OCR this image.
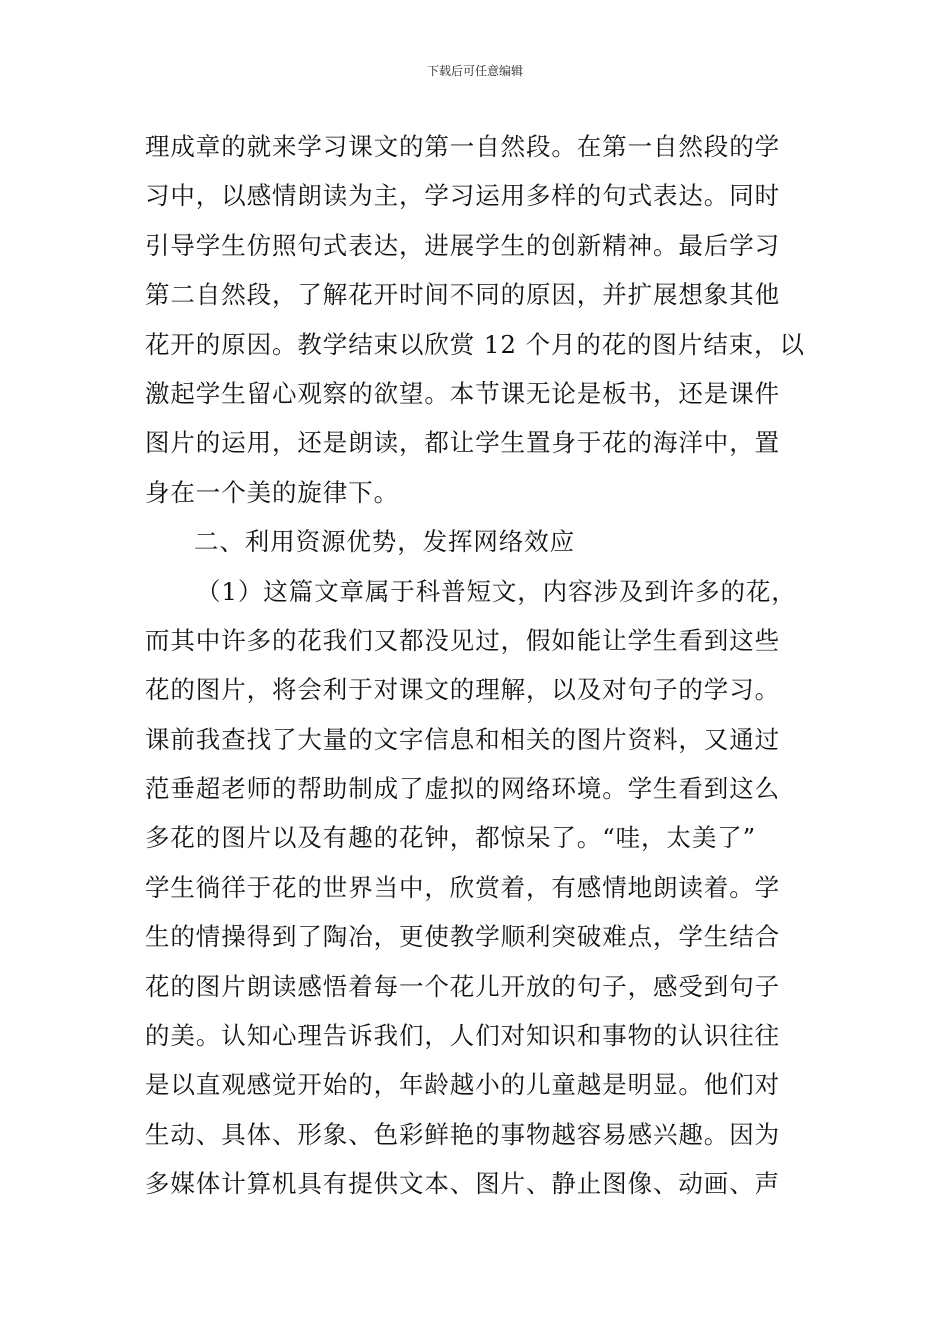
下载后可任意编辑
理成章的就来学习课文的第一自然段。在第一自然段的学
习中，以感情朗读为主，学习运用多样的句式表达。同时
引导学生仿照句式表达，进展学生的创新精神。最后学习
第二自然段，了解花开时间不同的原因，并扩展想象其他
花开的原因。教学结束以欣赏 12 个月的花的图片结束，以
激起学生留心观察的欲望。本节课无论是板书，还是课件
图片的运用，还是朗读，都让学生置身于花的海洋中，置
身在一个美的旋律下。
二、利用资源优势，发挥网络效应
（1）这篇文章属于科普短文，内容涉及到许多的花，
而其中许多的花我们又都没见过，假如能让学生看到这些
花的图片，将会利于对课文的理解，以及对句子的学习。
课前我查找了大量的文字信息和相关的图片资料，又通过
范垂超老师的帮助制成了虚拟的网络环境。学生看到这么
多花的图片以及有趣的花钟，都惊呆了。“哇，太美了”
学生徜徉于花的世界当中，欣赏着，有感情地朗读着。学
生的情操得到了陶冶，更使教学顺利突破难点，学生结合
花的图片朗读感悟着每一个花儿开放的句子，感受到句子
的美。认知心理告诉我们，人们对知识和事物的认识往往
是以直观感觉开始的，年龄越小的儿童越是明显。他们对
生动、具体、形象、色彩鲜艳的事物越容易感兴趣。因为
多媒体计算机具有提供文本、图片、静止图像、动画、声
